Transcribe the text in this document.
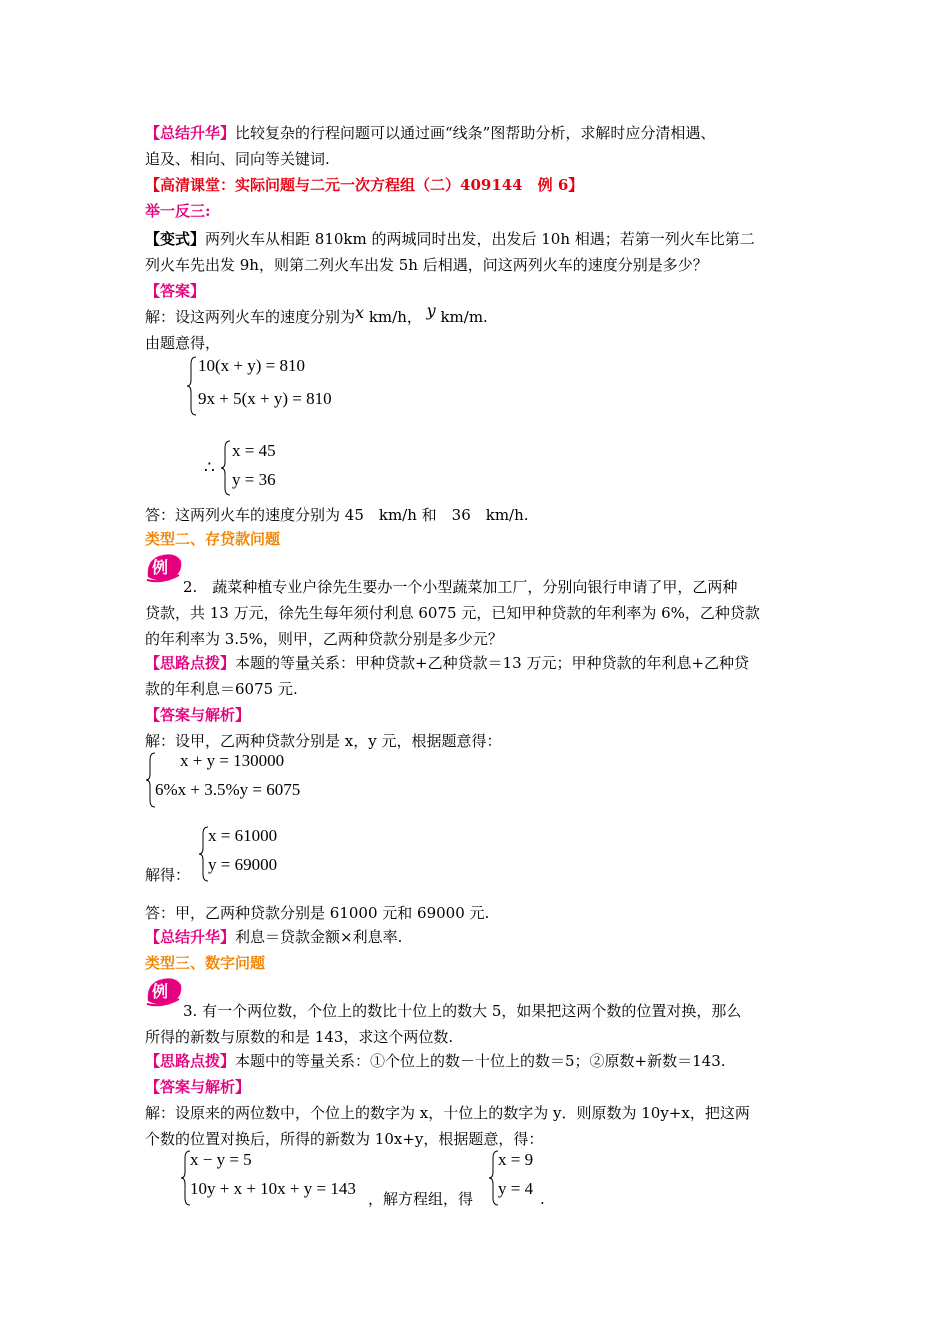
【总结升华】比较复杂的行程问题可以通过画“线条”图帮助分析，求解时应分清相遇、
追及、相向、同向等关键词.
【高清课堂：实际问题与二元一次方程组（二）409144　例 6】
举一反三:
【变式】两列火车从相距 810km 的两城同时出发，出发后 10h 相遇；若第一列火车比第二
列火车先出发 9h，则第二列火车出发 5h 后相遇，问这两列火车的速度分别是多少？
【答案】
解：设这两列火车的速度分别为x km/h， y km/m.
由题意得，
10(x + y) = 810
9x + 5(x + y) = 810
∴
x = 45
y = 36
答：这两列火车的速度分别为 45　km/h 和　36　km/h.
类型二、存贷款问题
例
2.　蔬菜种植专业户徐先生要办一个小型蔬菜加工厂，分别向银行申请了甲，乙两种
贷款，共 13 万元，徐先生每年须付利息 6075 元，已知甲种贷款的年利率为 6%，乙种贷款
的年利率为 3.5%，则甲，乙两种贷款分别是多少元？
【思路点拨】本题的等量关系：甲种贷款+乙种贷款＝13 万元；甲种贷款的年利息+乙种贷
款的年利息＝6075 元.
【答案与解析】
解：设甲，乙两种贷款分别是 x，y 元，根据题意得：
x + y = 130000
6%x + 3.5%y = 6075
解得：
x = 61000
y = 69000
答：甲，乙两种贷款分别是 61000 元和 69000 元.
【总结升华】利息＝贷款金额×利息率.
类型三、数字问题
例
3. 有一个两位数，个位上的数比十位上的数大 5，如果把这两个数的位置对换，那么
所得的新数与原数的和是 143，求这个两位数.
【思路点拨】本题中的等量关系：①个位上的数－十位上的数＝5；②原数+新数＝143.
【答案与解析】
解：设原来的两位数中，个位上的数字为 x，十位上的数字为 y．则原数为 10y+x，把这两
个数的位置对换后，所得的新数为 10x+y，根据题意，得：
x − y = 5
10y + x + 10x + y = 143
，解方程组，得
x = 9
y = 4
.
